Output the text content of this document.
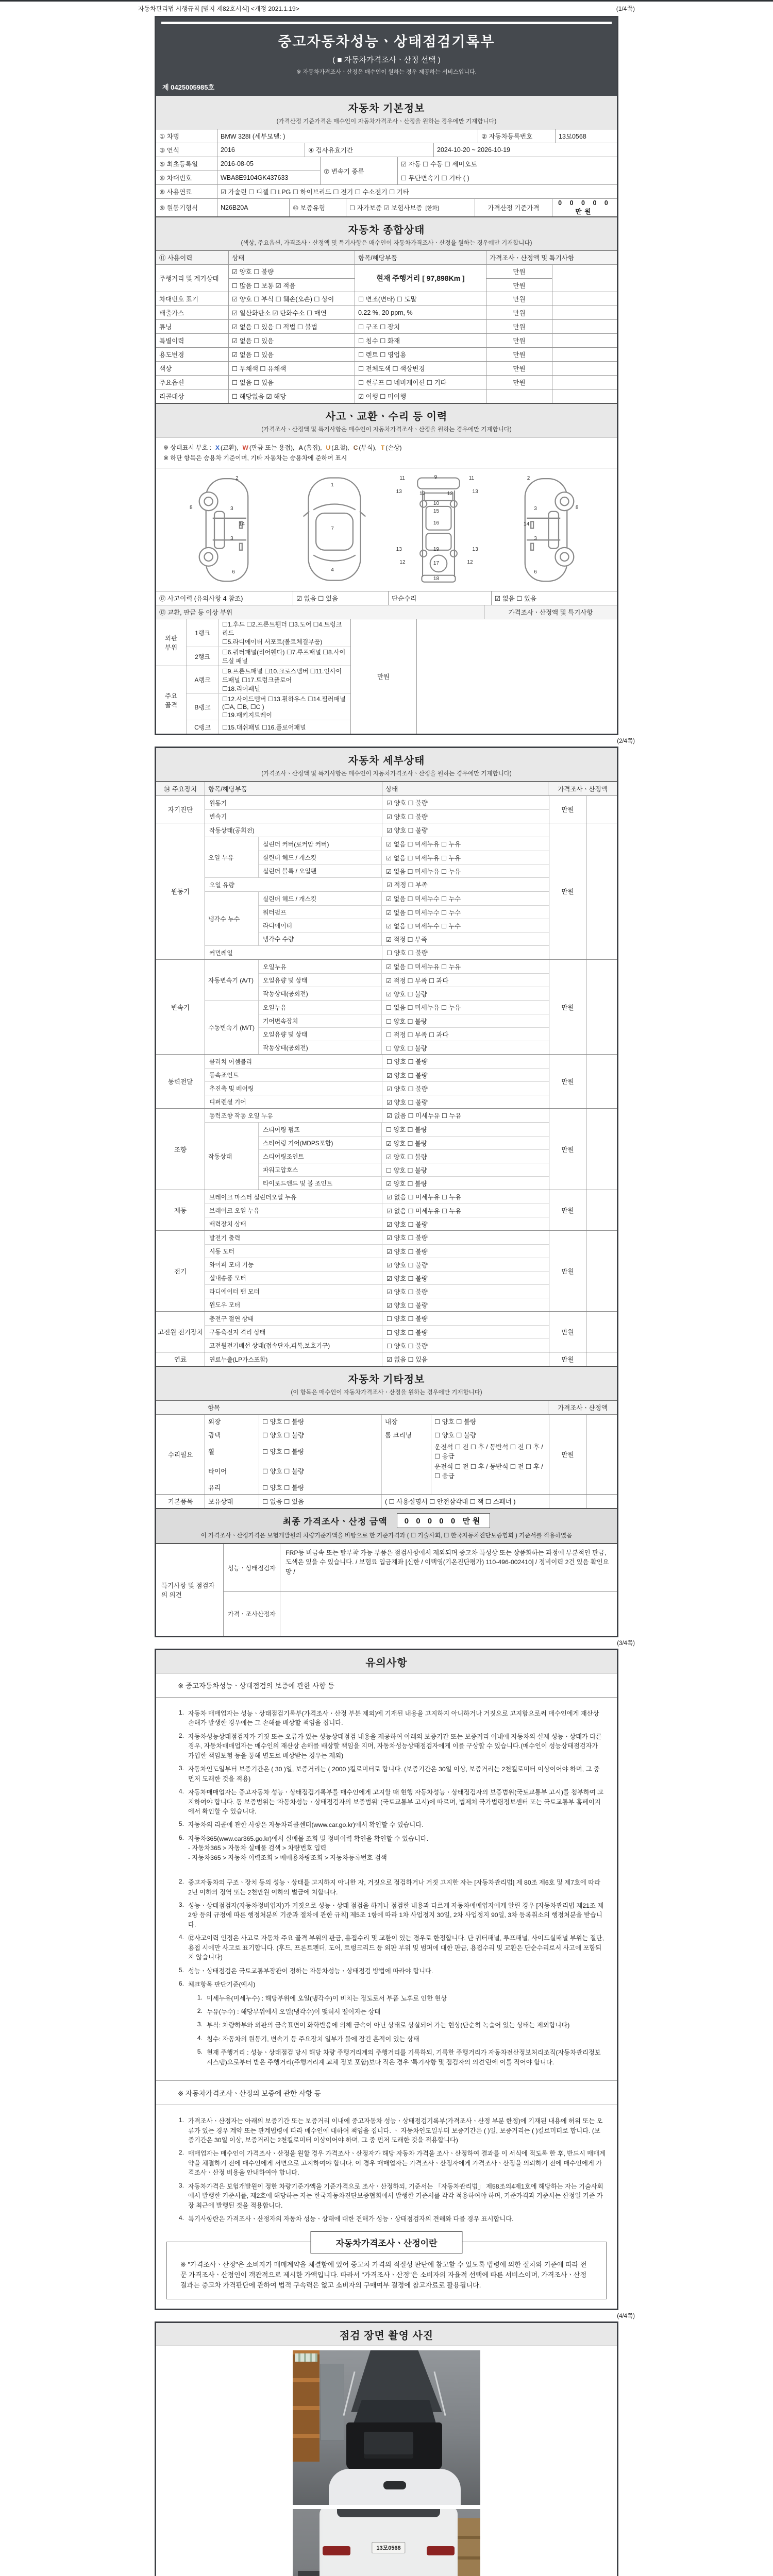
자동차관리법 시행규칙 [별지 제82호서식] <개정 2021.1.19>	(1/4쪽)
중고자동차성능ㆍ상태점검기록부
( ■ 자동차가격조사ㆍ산정 선택 )
※ 자동차가격조사ㆍ산정은 매수인이 원하는 경우 제공하는 서비스입니다.
제 0425005985호
자동차 기본정보
(가격산정 기준가격은 매수인이 자동차가격조사ㆍ산정을 원하는 경우에만 기재합니다)
① 차명	BMW 328I (세부모델: )	② 자동차등록번호	13모0568
③ 연식	2016	④ 검사유효기간	2024-10-20 ~ 2026-10-19
⑤ 최초등록일	2016-08-05
⑥ 차대번호	WBA8E9104GK437633
⑦ 변속기 종류
☑ 자동 ☐ 수동 ☐ 세미오토
☐ 무단변속기 ☐ 기타 ( )
⑧ 사용연료	☑ 가솔린 ☐ 디젤 ☐ LPG ☐ 하이브리드 ☐ 전기 ☐ 수소전기 ☐ 기타
⑨ 원동기형식	N26B20A	⑩ 보증유형	☐ 자가보증 ☑ 보험사보증 [한화]	가격산정 기준가격
0 0 0 0 0 만원
자동차 종합상태
(색상, 주요옵션, 가격조사ㆍ산정액 및 특기사항은 매수인이 자동차가격조사ㆍ산정을 원하는 경우에만 기재합니다)
⑪ 사용이력	상태	항목/해당부품	가격조사ㆍ산정액 및 특기사항
주행거리 및 계기상태
☑ 양호 ☐ 불량
☐ 많음 ☐ 보통 ☑ 적음
현재 주행거리 [ 97,898Km ]
만원
만원
차대번호 표기	☑ 양호 ☐ 부식 ☐ 훼손(오손) ☐ 상이	☐ 변조(변타) ☐ 도말	만원
배출가스	☑ 일산화탄소 ☑ 탄화수소 ☐ 매연	0.22 %, 20 ppm, %	만원
튜닝	☑ 없음 ☐ 있음 ☐ 적법 ☐ 불법	☐ 구조 ☐ 장치	만원
특별이력	☑ 없음 ☐ 있음	☐ 침수 ☐ 화재	만원
용도변경	☑ 없음 ☐ 있음	☐ 렌트 ☐ 영업용	만원
색상	☐ 무채색 ☐ 유채색	☐ 전체도색 ☐ 색상변경	만원
주요옵션	☐ 없음 ☐ 있음	☐ 썬루프 ☐ 네비게이션 ☐ 기타	만원
리콜대상	☐ 해당없음 ☑ 해당	☑ 이행 ☐ 미이행
사고ㆍ교환ㆍ수리 등 이력
(가격조사ㆍ산정액 및 특기사항은 매수인이 자동차가격조사ㆍ산정을 원하는 경우에만 기재합니다)
※ 상태표시 부호 : X (교환), W (판금 또는 용접), A (흠집), U (요철), C (부식), T (손상)
※ 하단 항목은 승용차 기준이며, 기타 자동차는 승용차에 준하여 표시
2
8	3
14
3
6
1
7
4
11	9	11
13	12	12	13
10
15
16
13	19	13
12	17	12
18
2
8
3
14
3
6
⑫ 사고이력 (유의사항 4 참조)	☑ 없음 ☐ 있음	단순수리	☑ 없음 ☐ 있음
⑬ 교환, 판금 등 이상 부위	가격조사ㆍ산정액 및 특기사항
외판
부위
1랭크
☐1.후드 ☐2.프론트휀더 ☐3.도어 ☐4.트렁크리드
☐5.라디에이터 서포트(볼트체결부품)
2랭크
☐6.쿼터패널(리어휀다) ☐7.루프패널 ☐8.사이드실 패널
주요
골격
A랭크
☐9.프론트패널 ☐10.크로스멤버 ☐11.인사이드패널 ☐17.트렁크플로어
☐18.리어패널
B랭크
☐12.사이드멤버 ☐13.휠하우스 ☐14.필러패널 (☐A, ☐B, ☐C )
☐19.패키지트레이
C랭크	☐15.대쉬패널 ☐16.플로어패널
만원
(2/4쪽)
자동차 세부상태
(가격조사ㆍ산정액 및 특기사항은 매수인이 자동차가격조사ㆍ산정을 원하는 경우에만 기재합니다)
⑭ 주요장치	항목/해당부품	상태	가격조사ㆍ산정액
자기진단
원동기	☑ 양호 ☐ 불량
변속기	☑ 양호 ☐ 불량
만원
원동기
작동상태(공회전)	☑ 양호 ☐ 불량
오일 누유
실린더 커버(로커암 커버)	☑ 없음 ☐ 미세누유 ☐ 누유
실린더 헤드 / 개스킷	☑ 없음 ☐ 미세누유 ☐ 누유
실린더 블록 / 오일팬	☑ 없음 ☐ 미세누유 ☐ 누유
오일 유량	☑ 적정 ☐ 부족
냉각수 누수
실린더 헤드 / 개스킷	☑ 없음 ☐ 미세누수 ☐ 누수
워터펌프	☑ 없음 ☐ 미세누수 ☐ 누수
라디에이터	☑ 없음 ☐ 미세누수 ☐ 누수
냉각수 수량	☑ 적정 ☐ 부족
커먼레일	☐ 양호 ☐ 불량
만원
변속기
자동변속기 (A/T)
오일누유	☑ 없음 ☐ 미세누유 ☐ 누유
오일유량 및 상태	☑ 적정 ☐ 부족 ☐ 과다
작동상태(공회전)	☑ 양호 ☐ 불량
수동변속기 (M/T)
오일누유	☐ 없음 ☐ 미세누유 ☐ 누유
기어변속장치	☐ 양호 ☐ 불량
오일유량 및 상태	☐ 적정 ☐ 부족 ☐ 과다
작동상태(공회전)	☐ 양호 ☐ 불량
만원
동력전달
클러치 어셈블리	☐ 양호 ☐ 불량
등속죠인트	☑ 양호 ☐ 불량
추진축 및 베어링	☑ 양호 ☐ 불량
디퍼렌셜 기어	☑ 양호 ☐ 불량
만원
조향
동력조향 작동 오일 누유	☑ 없음 ☐ 미세누유 ☐ 누유
작동상태
스티어링 펌프	☐ 양호 ☐ 불량
스티어링 기어(MDPS포함)	☑ 양호 ☐ 불량
스티어링조인트	☑ 양호 ☐ 불량
파워고압호스	☐ 양호 ☐ 불량
타이로드엔드 및 볼 조인트	☑ 양호 ☐ 불량
만원
제동
브레이크 마스터 실린더오일 누유	☑ 없음 ☐ 미세누유 ☐ 누유
브레이크 오일 누유	☑ 없음 ☐ 미세누유 ☐ 누유
배력장치 상태	☑ 양호 ☐ 불량
만원
전기
발전기 출력	☑ 양호 ☐ 불량
시동 모터	☑ 양호 ☐ 불량
와이퍼 모터 기능	☑ 양호 ☐ 불량
실내송풍 모터	☑ 양호 ☐ 불량
라디에이터 팬 모터	☑ 양호 ☐ 불량
윈도우 모터	☑ 양호 ☐ 불량
만원
고전원 전기장치
충전구 절연 상태	☐ 양호 ☐ 불량
구동축전지 격리 상태	☐ 양호 ☐ 불량
고전원전기배선 상태(접속단자,피복,보호기구)	☐ 양호 ☐ 불량
만원
연료	연료누출(LP가스포함)	☑ 없음 ☐ 있음	만원
자동차 기타정보
(이 항목은 매수인이 자동차가격조사ㆍ산정을 원하는 경우에만 기재합니다)
항목	가격조사ㆍ산정액
수리필요
외장	☐ 양호 ☐ 불량	내장	☐ 양호 ☐ 불량
광택	☐ 양호 ☐ 불량	룸 크리닝	☐ 양호 ☐ 불량
휠	☐ 양호 ☐ 불량
운전석 ☐ 전 ☐ 후 / 동반석 ☐ 전 ☐ 후 / ☐ 응급
타이어	☐ 양호 ☐ 불량
운전석 ☐ 전 ☐ 후 / 동반석 ☐ 전 ☐ 후 / ☐ 응급
유리	☐ 양호 ☐ 불량
만원
기본품목	보유상태	☐ 없음 ☐ 있음	( ☐ 사용설명서 ☐ 안전삼각대 ☐ 잭 ☐ 스패너 )
최종 가격조사ㆍ산정 금액	0 0 0 0 0 만원
이 가격조사ㆍ산정가격은 보험개발원의 차량기준가액을 바탕으로 한 기준가격과 ( ☐ 기술사회, ☐ 한국자동차진단보증협회 ) 기준서를 적용하였음
특기사항 및 점검자의 의견
성능ㆍ상태점검자
FRP등 비금속 또는 탈부착 가능 부품은 점검사항에서 제외되며 중고차 특성상 또는 상품화하는 과정에 부분적인 판금, 도색은 있을 수 있습니다. / 보험료 입금계좌 [신한 / 이택영(기온진단평가) 110-496-002410] / 정비이력 2건 있음 확인요망 /
가격ㆍ조사산정자
(3/4쪽)
유의사항
※ 중고자동차성능ㆍ상태점검의 보증에 관한 사항 등
1. 자동차 매매업자는 성능ㆍ상태점검기록부(가격조사ㆍ산정 부분 제외)에 기재된 내용을 고지하지 아니하거나 거짓으로 고지함으로써 매수인에게 재산상 손해가 발생한 경우에는 그 손해를 배상할 책임을 집니다.
2. 자동차성능상태점검자가 거짓 또는 오류가 있는 성능상태점검 내용을 제공하여 아래의 보증기간 또는 보증거리 이내에 자동차의 실제 성능ㆍ상태가 다른 경우, 자동차매매업자는 매수인의 재산상 손해를 배상할 책임을 지며, 자동차성능상태점검자에게 이를 구상할 수 있습니다.(매수인이 성능상태점검자가 가입한 책임보험 등을 통해 별도로 배상받는 경우는 제외)
3. 자동차인도일부터 보증기간은 ( 30 )일, 보증거리는 ( 2000 )킬로미터로 합니다. (보증기간은 30일 이상, 보증거리는 2천킬로미터 이상이어야 하며, 그 중 먼저 도래한 것을 적용)
4. 자동차매매업자는 중고자동차 성능ㆍ상태점검기록부를 매수인에게 고지할 때 현행 자동차성능ㆍ상태점검자의 보증범위(국토교통부 고시)를 첨부하여 고지하여야 합니다. 동 보증범위는 '자동차성능ㆍ상태점검자의 보증범위' (국토교통부 고시)에 따르며, 법제처 국가법령정보센터 또는 국토교통부 홈페이지에서 확인할 수 있습니다.
5. 자동차의 리콜에 관한 사항은 자동차리콜센터(www.car.go.kr)에서 확인할 수 있습니다.
6. 자동차365(www.car365.go.kr)에서 실매물 조회 및 정비이력 확인을 확인할 수 있습니다.
- 자동차365 > 자동차 실매물 검색 > 차량번호 입력
- 자동차365 > 자동차 이력조회 > 매매용차량조회 > 자동차등록번호 검색
2. 중고자동차의 구조ㆍ장치 등의 성능ㆍ상태를 고지하지 아니한 자, 거짓으로 점검하거나 거짓 고지한 자는 [자동차관리법] 제 80조 제6호 및 제7호에 따라 2년 이하의 징역 또는 2천만원 이하의 벌금에 처합니다.
3. 성능ㆍ상태점검자(자동차정비업자)가 거짓으로 성능ㆍ상태 점검을 하거나 점검한 내용과 다르게 자동차매매업자에게 알린 경우 [자동차관리법 제21조 제2항 등의 규정에 따른 행정처분의 기준과 절차에 관한 규칙] 제5조 1항에 따라 1차 사업정지 30일, 2차 사업정지 90일, 3차 등록취소의 행정처분을 받습니다.
4. ⑫사고이력 인정은 사고로 자동차 주요 골격 부위의 판금, 용접수리 및 교환이 있는 경우로 한정합니다. 단 쿼터패널, 루프패널, 사이드실패널 부위는 절단, 용접 시에만 사고로 표기합니다. (후드, 프론트펜더, 도어, 트렁크리드 등 외판 부위 및 범퍼에 대한 판금, 용접수리 및 교환은 단순수리로서 사고에 포함되지 않습니다)
5. 성능ㆍ상태점검은 국토교통부장관이 정하는 자동차성능ㆍ상태점검 방법에 따라야 합니다.
6. 체크항목 판단기준(예시)
1. 미세누유(미세누수) : 해당부위에 오일(냉각수)이 비치는 정도로서 부품 노후로 인한 현상
2. 누유(누수) : 해당부위에서 오일(냉각수)이 맺혀서 떨어지는 상태
3. 부식: 차량하부와 외판의 금속표면이 화학반응에 의해 금속이 아닌 상태로 상실되어 가는 현상(단순히 녹슬어 있는 상태는 제외합니다)
4. 침수: 자동차의 원동기, 변속기 등 주요장치 일부가 물에 잠긴 흔적이 있는 상태
5. 현재 주행거리 : 성능ㆍ상태점검 당시 해당 차량 주행거리계의 주행거리를 기록하되, 기록한 주행거리가 자동차전산정보처리조직(자동차관리정보시스템)으로부터 받은 주행거리(주행거리계 교체 정보 포함)보다 적은 경우 '특기사항 및 점검자의 의견'란에 이를 적어야 합니다.
※ 자동차가격조사ㆍ산정의 보증에 관한 사항 등
1. 가격조사ㆍ산정자는 아래의 보증기간 또는 보증거리 이내에 중고자동차 성능ㆍ상태점검기록부(가격조사ㆍ산정 부분 한정)에 기재된 내용에 허위 또는 오류가 있는 경우 계약 또는 관계법령에 따라 매수인에 대하여 책임을 집니다. ㆍ 자동차인도일부터 보증기간은 ( )일, 보증거리는 ( )킬로미터로 합니다. (보증기간은 30일 이상, 보증거리는 2천킬로미터 이상이어야 하며, 그 중 먼저 도래한 것을 적용합니다)
2. 매매업자는 매수인이 가격조사ㆍ산정을 원할 경우 가격조사ㆍ산정자가 해당 자동차 가격을 조사ㆍ산정하여 결과를 이 서식에 적도록 한 후, 반드시 매매계약을 체결하기 전에 매수인에게 서면으로 고지하여야 합니다. 이 경우 매매업자는 가격조사ㆍ산정자에게 가격조사ㆍ산정을 의뢰하기 전에 매수인에게 가격조사ㆍ산정 비용을 안내하여야 합니다.
3. 자동차가격은 보험개발원이 정한 차량기준가액을 기준가격으로 조사ㆍ산정하되, 기준서는 「자동차관리법」 제58조의4제1호에 해당하는 자는 기술사회에서 발행한 기준서를, 제2호에 해당하는 자는 한국자동차진단보증협회에서 발행한 기준서를 각각 적용하여야 하며, 기준가격과 기준서는 산정일 기준 가장 최근에 발행된 것을 적용합니다.
4. 특기사항란은 가격조사ㆍ산정자의 자동차 성능ㆍ상태에 대한 견해가 성능ㆍ상태점검자의 견해와 다를 경우 표시합니다.
자동차가격조사ㆍ산정이란
※ "가격조사ㆍ산정"은 소비자가 매매계약을 체결함에 있어 중고차 가격의 적절성 판단에 참고할 수 있도록 법령에 의한 절차와 기준에 따라 전문 가격조사ㆍ산정인이 객관적으로 제시한 가액입니다. 따라서 "가격조사ㆍ산정"은 소비자의 자율적 선택에 따른 서비스이며, 가격조사ㆍ산정 결과는 중고차 가격판단에 관하여 법적 구속력은 없고 소비자의 구매여부 결정에 참고자료로 활용됩니다.
(4/4쪽)
점검 장면 촬영 사진
13모0568
